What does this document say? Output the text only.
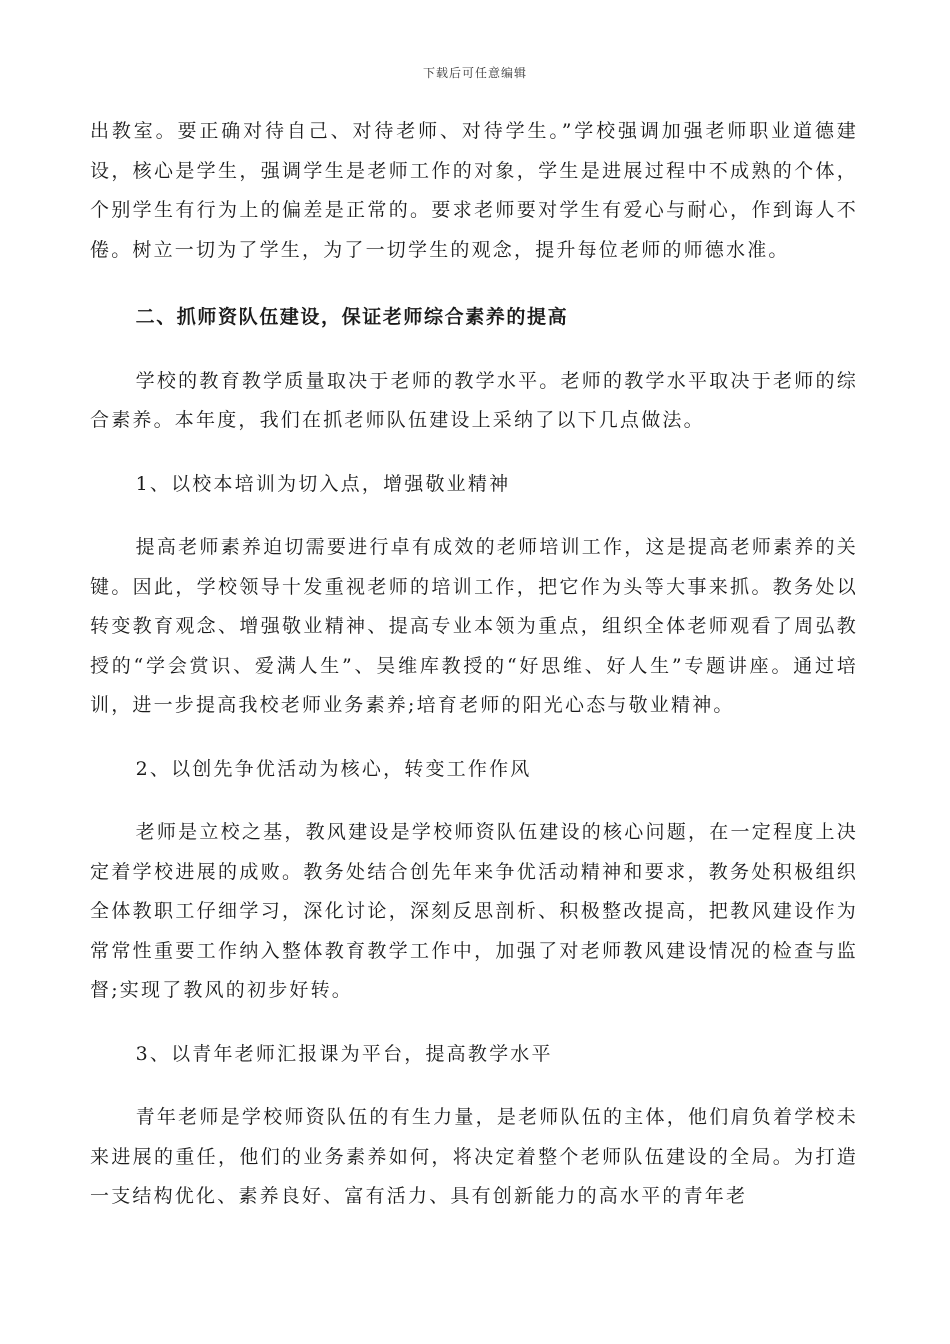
下载后可任意编辑

出教室。要正确对待自己、对待老师、对待学生。”学校强调加强老师职业道德建设，核心是学生，强调学生是老师工作的对象，学生是进展过程中不成熟的个体，个别学生有行为上的偏差是正常的。要求老师要对学生有爱心与耐心，作到诲人不倦。树立一切为了学生，为了一切学生的观念，提升每位老师的师德水准。

二、抓师资队伍建设，保证老师综合素养的提高

学校的教育教学质量取决于老师的教学水平。老师的教学水平取决于老师的综合素养。本年度，我们在抓老师队伍建设上采纳了以下几点做法。

1、以校本培训为切入点，增强敬业精神

提高老师素养迫切需要进行卓有成效的老师培训工作，这是提高老师素养的关键。因此，学校领导十发重视老师的培训工作，把它作为头等大事来抓。教务处以转变教育观念、增强敬业精神、提高专业本领为重点，组织全体老师观看了周弘教授的“学会赏识、爱满人生”、吴维库教授的“好思维、好人生”专题讲座。通过培训，进一步提高我校老师业务素养;培育老师的阳光心态与敬业精神。

2、以创先争优活动为核心，转变工作作风

老师是立校之基，教风建设是学校师资队伍建设的核心问题，在一定程度上决定着学校进展的成败。教务处结合创先年来争优活动精神和要求，教务处积极组织全体教职工仔细学习，深化讨论，深刻反思剖析、积极整改提高，把教风建设作为常常性重要工作纳入整体教育教学工作中，加强了对老师教风建设情况的检查与监督;实现了教风的初步好转。

3、以青年老师汇报课为平台，提高教学水平

青年老师是学校师资队伍的有生力量，是老师队伍的主体，他们肩负着学校未来进展的重任，他们的业务素养如何，将决定着整个老师队伍建设的全局。为打造一支结构优化、素养良好、富有活力、具有创新能力的高水平的青年老
